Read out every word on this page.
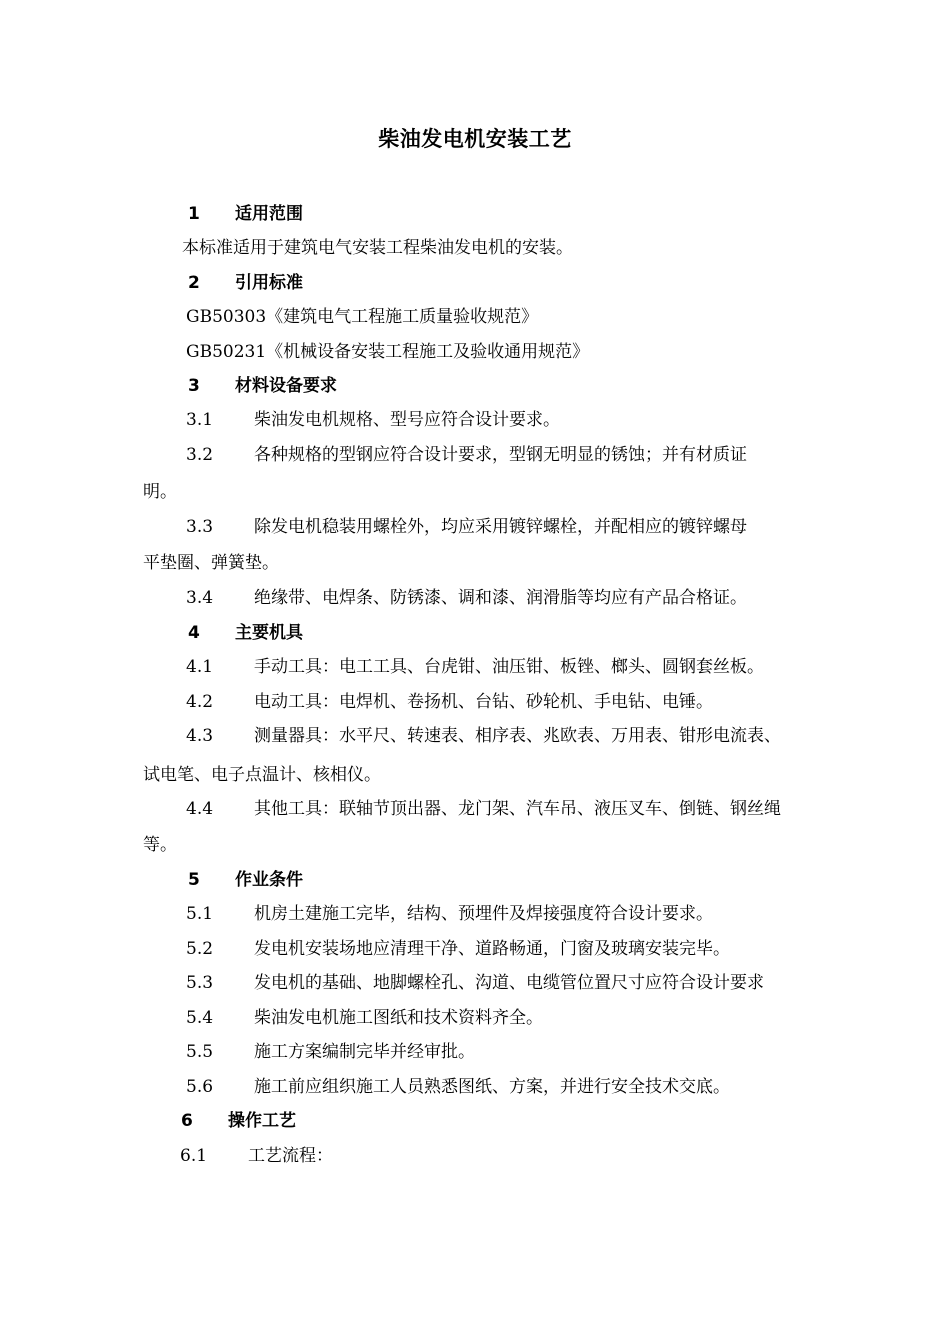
柴油发电机安装工艺
1 适用范围
本标准适用于建筑电气安装工程柴油发电机的安装。
2 引用标准
GB50303《建筑电气工程施工质量验收规范》
GB50231《机械设备安装工程施工及验收通用规范》
3 材料设备要求
3.1 柴油发电机规格、型号应符合设计要求。
3.2 各种规格的型钢应符合设计要求，型钢无明显的锈蚀；并有材质证
明。
3.3 除发电机稳装用螺栓外，均应采用镀锌螺栓，并配相应的镀锌螺母
平垫圈、弹簧垫。
3.4 绝缘带、电焊条、防锈漆、调和漆、润滑脂等均应有产品合格证。
4 主要机具
4.1 手动工具：电工工具、台虎钳、油压钳、板锉、榔头、圆钢套丝板。
4.2 电动工具：电焊机、卷扬机、台钻、砂轮机、手电钻、电锤。
4.3 测量器具：水平尺、转速表、相序表、兆欧表、万用表、钳形电流表、
试电笔、电子点温计、核相仪。
4.4 其他工具：联轴节顶出器、龙门架、汽车吊、液压叉车、倒链、钢丝绳
等。
5 作业条件
5.1 机房土建施工完毕，结构、预埋件及焊接强度符合设计要求。
5.2 发电机安装场地应清理干净、道路畅通，门窗及玻璃安装完毕。
5.3 发电机的基础、地脚螺栓孔、沟道、电缆管位置尺寸应符合设计要求
5.4 柴油发电机施工图纸和技术资料齐全。
5.5 施工方案编制完毕并经审批。
5.6 施工前应组织施工人员熟悉图纸、方案，并进行安全技术交底。
6 操作工艺
6.1 工艺流程：
